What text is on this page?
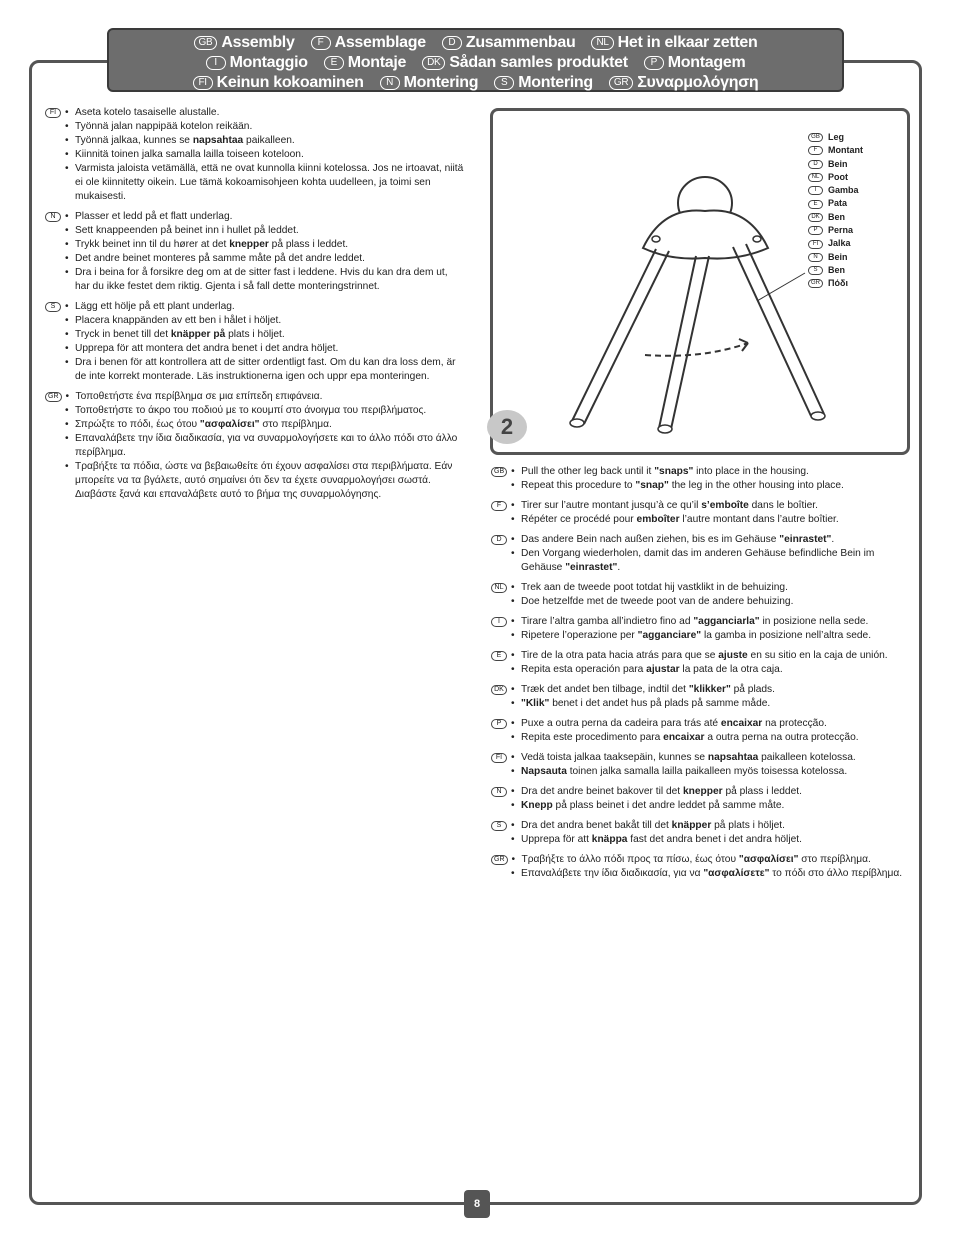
GB Assembly	F Assemblage	D Zusammenbau	NL Het in elkaar zetten
I Montaggio	E Montaje	DK Sådan samles produktet	P Montagem
FI Keinun kokoaminen	N Montering	S Montering	GR Συναρμολόγηση
FI • Aseta kotelo tasaiselle alustalle.
• Työnnä jalan nappipää kotelon reikään.
• Työnnä jalkaa, kunnes se napsahtaa paikalleen.
• Kiinnitä toinen jalka samalla lailla toiseen koteloon.
• Varmista jaloista vetämällä, että ne ovat kunnolla kiinni kotelossa. Jos ne irtoavat, niitä ei ole kiinnitetty oikein. Lue tämä kokoamisohjeen kohta uudelleen, ja toimi sen mukaisesti.
N • Plasser et ledd på et flatt underlag.
• Sett knappeenden på beinet inn i hullet på leddet.
• Trykk beinet inn til du hører at det knepper på plass i leddet.
• Det andre beinet monteres på samme måte på det andre leddet.
• Dra i beina for å forsikre deg om at de sitter fast i leddene. Hvis du kan dra dem ut, har du ikke festet dem riktig. Gjenta i så fall dette monteringstrinnet.
S • Lägg ett hölje på ett plant underlag.
• Placera knappänden av ett ben i hålet i höljet.
• Tryck in benet till det knäpper på plats i höljet.
• Upprepa för att montera det andra benet i det andra höljet.
• Dra i benen för att kontrollera att de sitter ordentligt fast. Om du kan dra loss dem, är de inte korrekt monterade. Läs instruktionerna igen och uppr epa monteringen.
GR • Τοποθετήστε ένα περίβλημα σε μια επίπεδη επιφάνεια.
• Τοποθετήστε το άκρο του ποδιού με το κουμπί στο άνοιγμα του περιβλήματος.
• Σπρώξτε το πόδι, έως ότου "ασφαλίσει" στο περίβλημα.
• Επαναλάβετε την ίδια διαδικασία, για να συναρμολογήσετε και το άλλο πόδι στο άλλο περίβλημα.
• Τραβήξτε τα πόδια, ώστε να βεβαιωθείτε ότι έχουν ασφαλίσει στα περιβλήματα. Εάν μπορείτε να τα βγάλετε, αυτό σημαίνει ότι δεν τα έχετε συναρμολογήσει σωστά. Διαβάστε ξανά και επαναλάβετε αυτό το βήμα της συναρμολόγησης.
GB Leg
F	Montant
D	Bein
NL Poot
I	Gamba
E	Pata
DK Ben
P	Perna
FI	Jalka
N	Bein
S	Ben
GR Πόδι
2
GB • Pull the other leg back until it "snaps" into place in the housing.
• Repeat this procedure to "snap" the leg in the other housing into place.
F • Tirer sur l’autre montant jusqu’à ce qu’il s’emboîte dans le boîtier.
• Répéter ce procédé pour emboîter l’autre montant dans l’autre boîtier.
D • Das andere Bein nach außen ziehen, bis es im Gehäuse "einrastet".
• Den Vorgang wiederholen, damit das im anderen Gehäuse befindliche Bein im Gehäuse "einrastet".
NL • Trek aan de tweede poot totdat hij vastklikt in de behuizing.
• Doe hetzelfde met de tweede poot van de andere behuizing.
I	• Tirare l’altra gamba all’indietro fino ad "agganciarla" in posizione nella sede.
• Ripetere l’operazione per "agganciare" la gamba in posizione nell’altra sede.
E • Tire de la otra pata hacia atrás para que se ajuste en su sitio en la caja de unión.
• Repita esta operación para ajustar la pata de la otra caja.
DK • Træk det andet ben tilbage, indtil det "klikker" på plads.
• "Klik" benet i det andet hus på plads på samme måde.
P • Puxe a outra perna da cadeira para trás até encaixar na protecção.
• Repita este procedimento para encaixar a outra perna na outra protecção.
FI • Vedä toista jalkaa taaksepäin, kunnes se napsahtaa paikalleen kotelossa.
• Napsauta toinen jalka samalla lailla paikalleen myös toisessa kotelossa.
N • Dra det andre beinet bakover til det knepper på plass i leddet.
• Knepp på plass beinet i det andre leddet på samme måte.
S • Dra det andra benet bakåt till det knäpper på plats i höljet.
• Upprepa för att knäppa fast det andra benet i det andra höljet.
GR • Τραβήξτε το άλλο πόδι προς τα πίσω, έως ότου "ασφαλίσει" στο περίβλημα.
• Επαναλάβετε την ίδια διαδικασία, για να "ασφαλίσετε" το πόδι στο άλλο περίβλημα.
8
